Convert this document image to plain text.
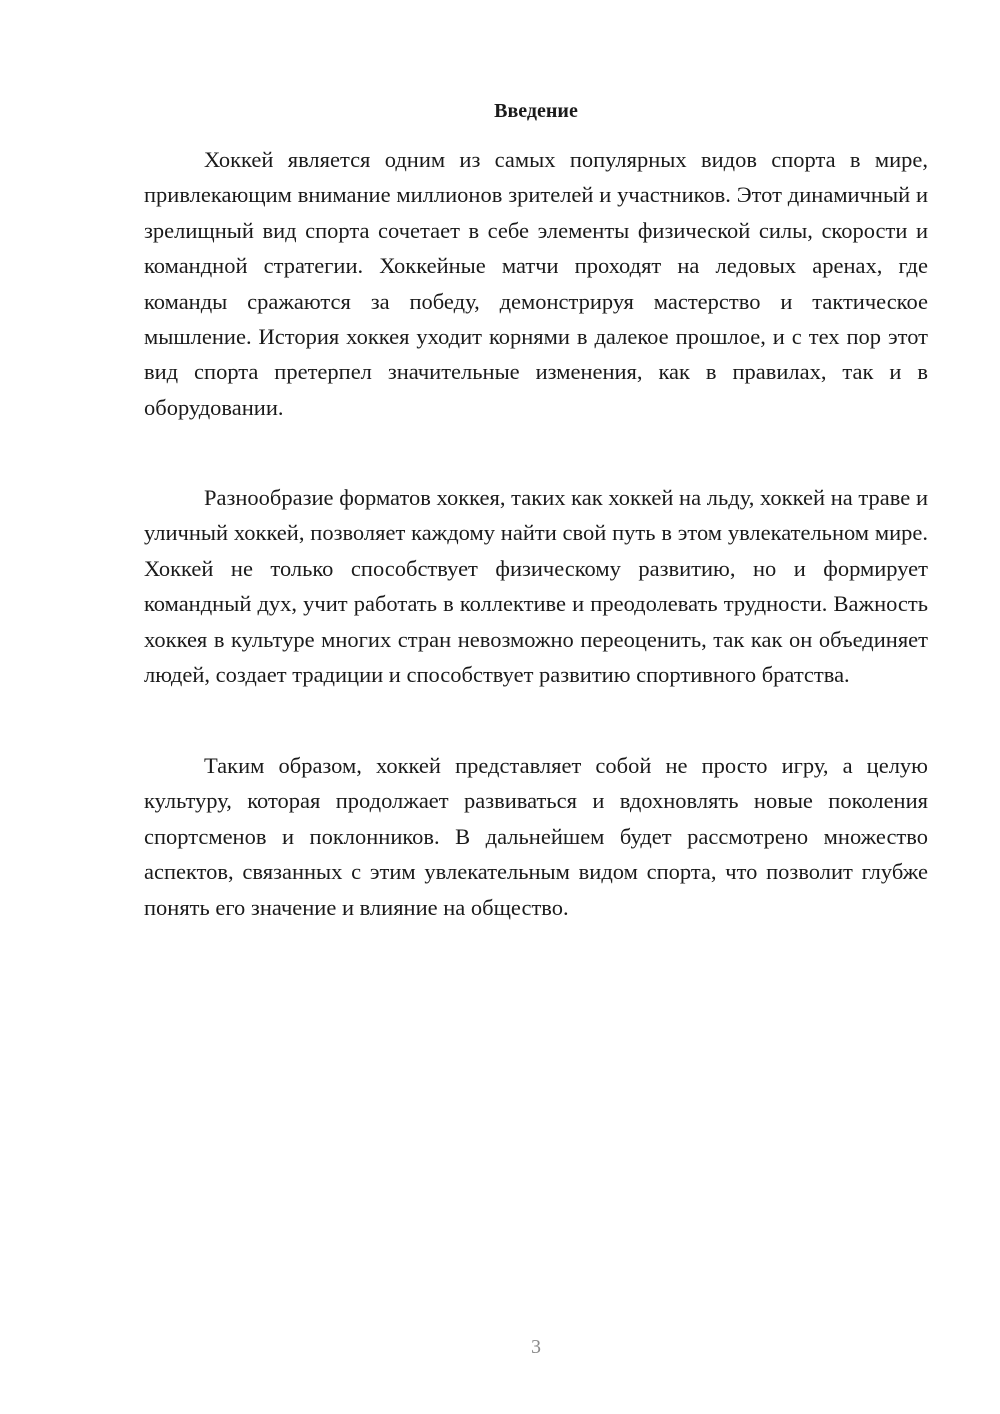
Введение

Хоккей является одним из самых популярных видов спорта в мире, привлекающим внимание миллионов зрителей и участников. Этот динамичный и зрелищный вид спорта сочетает в себе элементы физической силы, скорости и командной стратегии. Хоккейные матчи проходят на ледовых аренах, где команды сражаются за победу, демонстрируя мастерство и тактическое мышление. История хоккея уходит корнями в далекое прошлое, и с тех пор этот вид спорта претерпел значительные изменения, как в правилах, так и в оборудовании.

Разнообразие форматов хоккея, таких как хоккей на льду, хоккей на траве и уличный хоккей, позволяет каждому найти свой путь в этом увлекательном мире. Хоккей не только способствует физическому развитию, но и формирует командный дух, учит работать в коллективе и преодолевать трудности. Важность хоккея в культуре многих стран невозможно переоценить, так как он объединяет людей, создает традиции и способствует развитию спортивного братства.

Таким образом, хоккей представляет собой не просто игру, а целую культуру, которая продолжает развиваться и вдохновлять новые поколения спортсменов и поклонников. В дальнейшем будет рассмотрено множество аспектов, связанных с этим увлекательным видом спорта, что позволит глубже понять его значение и влияние на общество.

3
